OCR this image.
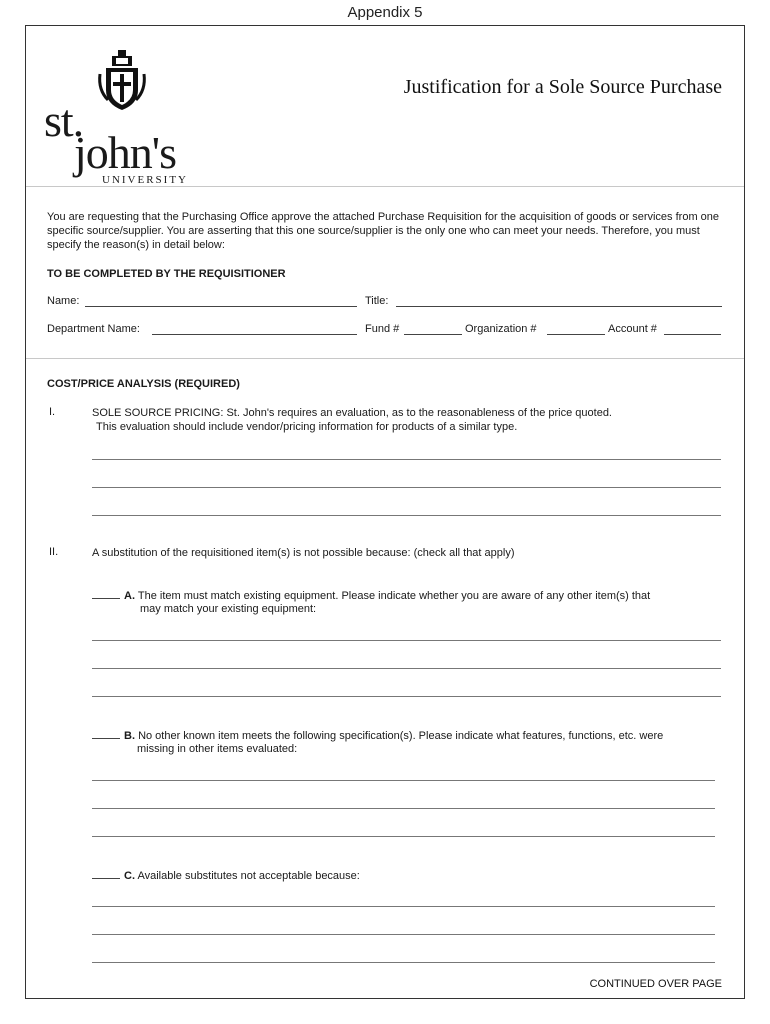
Appendix 5
st.
john's
UNIVERSITY
Justification for a Sole Source Purchase
You are requesting that the Purchasing Office approve the attached Purchase Requisition for the acquisition of goods or services from one specific source/supplier. You are asserting that this one source/supplier is the only one who can meet your needs. Therefore, you must specify the reason(s) in detail below:
TO BE COMPLETED BY THE REQUISITIONER
Name:	Title:
Department Name:	Fund #	Organization #	Account #
COST/PRICE ANALYSIS (REQUIRED)
I.	SOLE SOURCE PRICING: St. John's requires an evaluation, as to the reasonableness of the price quoted.
This evaluation should include vendor/pricing information for products of a similar type.
II.	A substitution of the requisitioned item(s) is not possible because: (check all that apply)
A. The item must match existing equipment. Please indicate whether you are aware of any other item(s) that
may match your existing equipment:
B. No other known item meets the following specification(s). Please indicate what features, functions, etc. were
missing in other items evaluated:
C. Available substitutes not acceptable because:
CONTINUED OVER PAGE
